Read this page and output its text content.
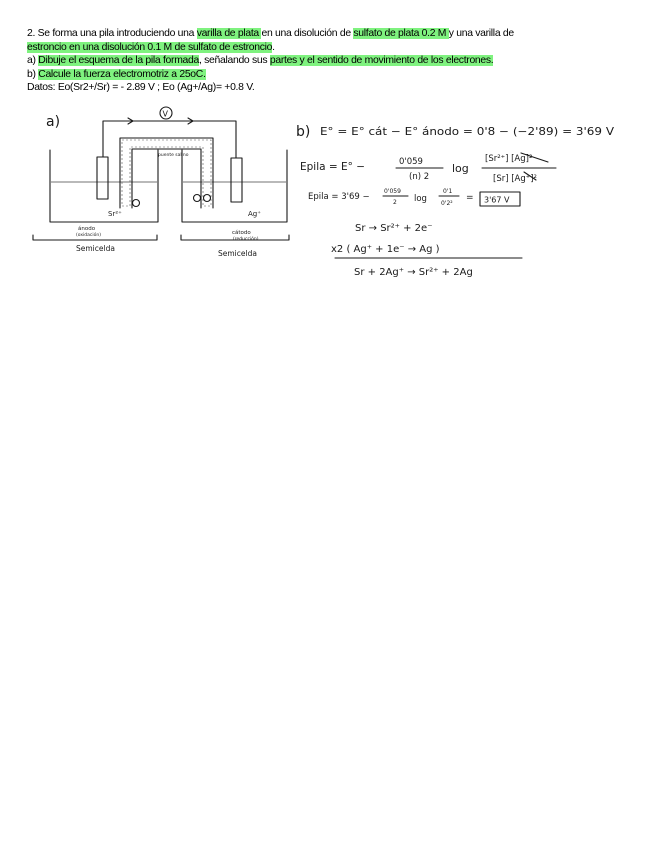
2. Se forma una pila introduciendo una varilla de plata en una disolución de sulfato de plata 0.2 M y una varilla de

estroncio en una disolución 0.1 M de sulfato de estroncio.

a) Dibuje el esquema de la pila formada, señalando sus partes y el sentido de movimiento de los electrones.

b) Calcule la fuerza electromotriz a 25oC.

Datos: Eo(Sr2+/Sr) = - 2.89 V ; Eo (Ag+/Ag)= +0.8 V.

a)	V
puente salino
Sr²⁺	Ag⁺
ánodo
(oxidación)	cátodo
(reducción)
Semicelda
Semicelda
b) E° = E° cát − E° ánodo = 0'8 − (−2'89) = 3'69 V
Epila = E° −	0'059
(n) 2
log
[Sr²⁺] [Ag]²
[Sr] [Ag⁺]²
Epila = 3'69 −
0'059
2 log
0'1
0'2²
= 3'67 V
Sr → Sr²⁺ + 2e⁻
x2 ( Ag⁺ + 1e⁻ → Ag )
Sr + 2Ag⁺ → Sr²⁺ + 2Ag
